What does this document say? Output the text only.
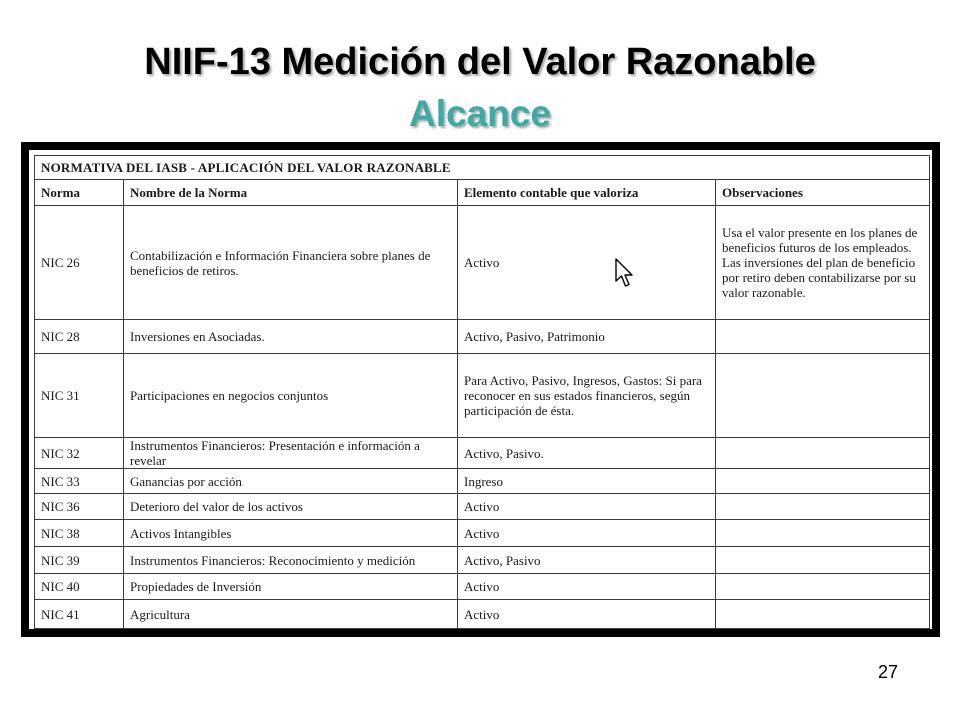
NIIF-13 Medición del Valor Razonable
Alcance
NORMATIVA DEL IASB - APLICACIÓN DEL VALOR RAZONABLE			
Norma	Nombre de la Norma	Elemento contable que valoriza	Observaciones
NIC 26	Contabilización e Información Financiera sobre planes de beneficios de retiros.	Activo	Usa el valor presente en los planes de beneficios futuros de los empleados. Las inversiones del plan de beneficio por retiro deben contabilizarse por su valor razonable.
NIC 28	Inversiones en Asociadas.	Activo, Pasivo, Patrimonio	
NIC 31	Participaciones en negocios conjuntos	Para Activo, Pasivo, Ingresos, Gastos: Si para reconocer en sus estados financieros, según participación de ésta.	
NIC 32	Instrumentos Financieros: Presentación e información a revelar	Activo, Pasivo.	
NIC 33	Ganancias por acción	Ingreso	
NIC 36	Deterioro del valor de los activos	Activo	
NIC 38	Activos Intangibles	Activo	
NIC 39	Instrumentos Financieros: Reconocimiento y medición	Activo, Pasivo	
NIC 40	Propiedades de Inversión	Activo	
NIC 41	Agricultura	Activo	
27
